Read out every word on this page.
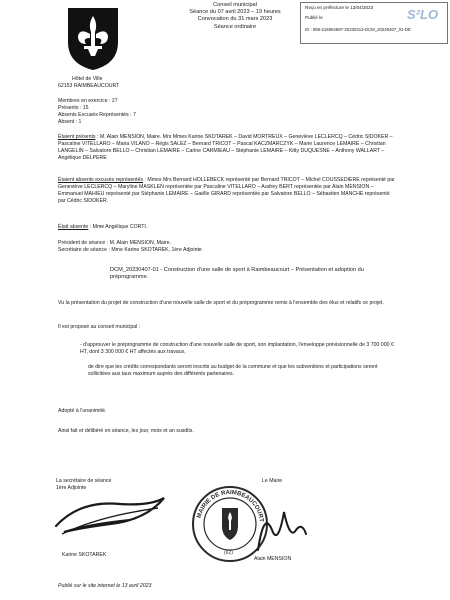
Reçu en préfecture le 13/04/2023
Publié le
ID : 059-215904897-20230413-DCM_20230407_01-DE
S²LO
Hôtel de Ville
62153 RAIMBEAUCOURT
Conseil municipal
Séance du 07 avril 2023 – 19 heures
Convocation du 31 mars 2023
Séance ordinaire
Membres en exercice : 27
Présents : 15
Absents Excusés Représentés : 7
Absent : 1
Étaient présents : M. Alain MENSION, Maire. Mrs Mmes Karine SKOTAREK – David MORTREUX – Geneviève LECLERCQ – Cédric SIDOKER – Pascaline VITELLARO – Maria VILANO – Régis SALEZ – Bernard TRICOT – Pascal KACZMARCZYK – Marie Laurence LEMAIRE – Christian LANGELIN – Salvatore BELLO – Christian LEMAIRE – Carine CARMIEAU – Stéphanie LEMAIRE – Kitty DUQUESNE – Anthony WALLART – Angélique DELPERE
Étaient absents excusés représentés : Mmes Mrs Bernard HOLLEBECK représenté par Bernard TRICOT – Michel COUSSEDIERE représenté par Geneviève LECLERCQ – Maryline MASKLEN représentée par Pascaline VITELLARO – Audrey BERT représentée par Alain MENSION – Emmanuel MAHIEU représenté par Stéphanie LEMAIRE – Gaëlle GIRARD représentée par Salvatore BELLO – Sébastien MANCHE représenté par Cédric SIDOKER.
Était absente : Mme Angélique CORTI.
Président de séance : M. Alain MENSION, Maire.
Secrétaire de séance : Mme Karine SKOTAREK, 1ère Adjointe
DCM_20230407-01 - Construction d'une salle de sport à Raimbeaucourt – Présentation et adoption du préprogramme.
Vu la présentation du projet de construction d'une nouvelle salle de sport et du préprogramme remis à l'ensemble des élus et relatifs ce projet.
Il est proposé au conseil municipal :
- d'approuver le préprogramme de construction d'une nouvelle salle de sport, son implantation, l'enveloppe prévisionnelle de 3 700 000 € HT, dont 3 300 000 € HT affectés aux travaux,
de dire que les crédits correspondants seront inscrits au budget de la commune et que les subventions et participations seront sollicitées aux taux maximum auprès des différents partenaires.
Adopté à l'unanimité.
Ainsi fait et délibéré en séance, les jour, mois et an susdits.
La secrétaire de séance
1ère Adjointe
Karine SKOTAREK
Le Maire
MAIRIE DE RAIMBEAUCOURT
(62)
Alain MENSION
Publié sur le site internet le 13 avril 2023
